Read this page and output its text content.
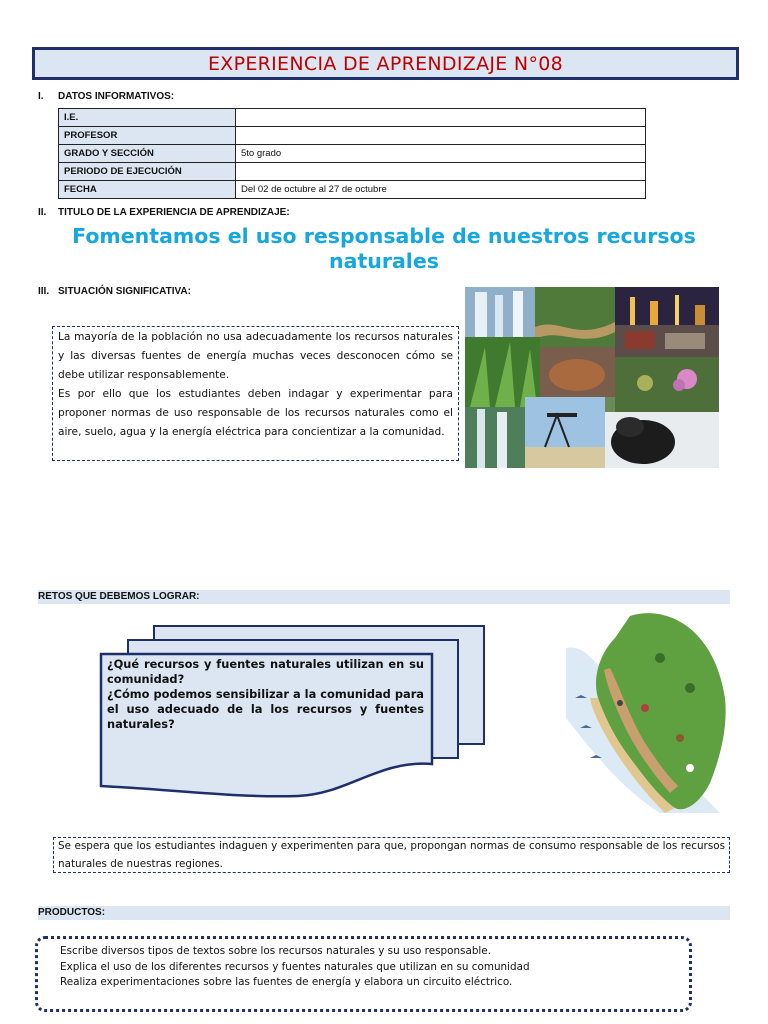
EXPERIENCIA DE APRENDIZAJE N°08
I. DATOS INFORMATIVOS:
I.E.	
PROFESOR	
GRADO Y SECCIÓN	5to grado
PERIODO DE EJECUCIÓN	
FECHA	Del 02 de octubre al 27 de octubre
II. TITULO DE LA EXPERIENCIA DE APRENDIZAJE:
Fomentamos el uso responsable de nuestros recursos naturales
III. SITUACIÓN SIGNIFICATIVA:

La mayoría de la población no usa adecuadamente los recursos naturales y las diversas fuentes de energía muchas veces desconocen cómo se debe utilizar responsablemente.

Es por ello que los estudiantes deben indagar y experimentar para proponer normas de uso responsable de los recursos naturales como el aire, suelo, agua y la energía eléctrica para concientizar a la comunidad.

RETOS QUE DEBEMOS LOGRAR:
¿Qué recursos y fuentes naturales utilizan en su comunidad?
¿Cómo podemos sensibilizar a la comunidad para el uso adecuado de la los recursos y fuentes naturales?
Se espera que los estudiantes indaguen y experimenten para que, propongan normas de consumo responsable de los recursos naturales de nuestras regiones.
PRODUCTOS:
Escribe diversos tipos de textos sobre los recursos naturales y su uso responsable.
Explica el uso de los diferentes recursos y fuentes naturales que utilizan en su comunidad
Realiza experimentaciones sobre las fuentes de energía y elabora un circuito eléctrico.
